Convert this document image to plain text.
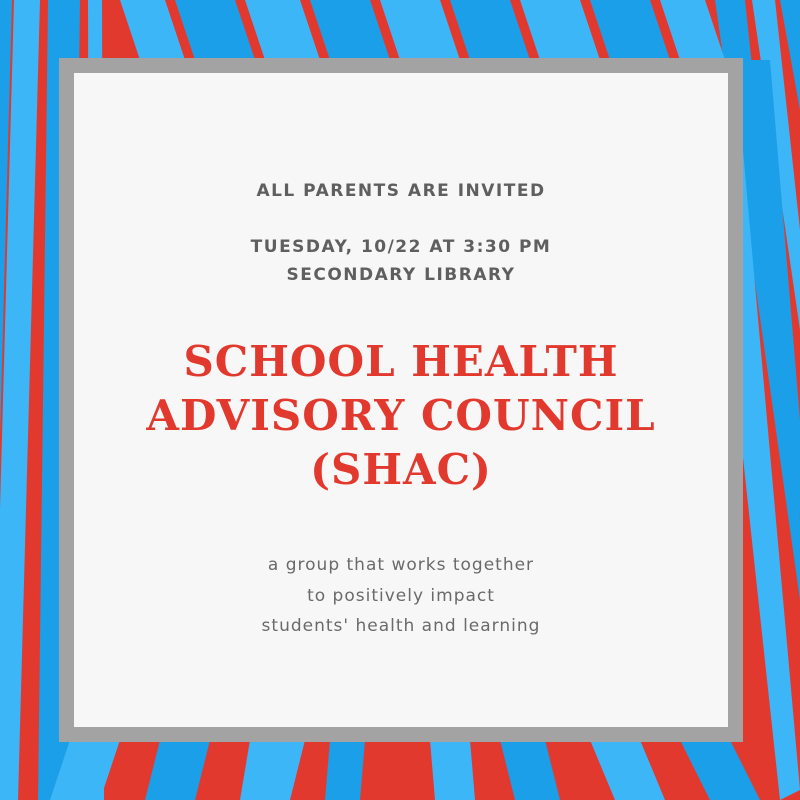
ALL PARENTS ARE INVITED
TUESDAY, 10/22 AT 3:30 PM
SECONDARY LIBRARY
SCHOOL HEALTH
ADVISORY COUNCIL
(SHAC)
a group that works together
to positively impact
students' health and learning
